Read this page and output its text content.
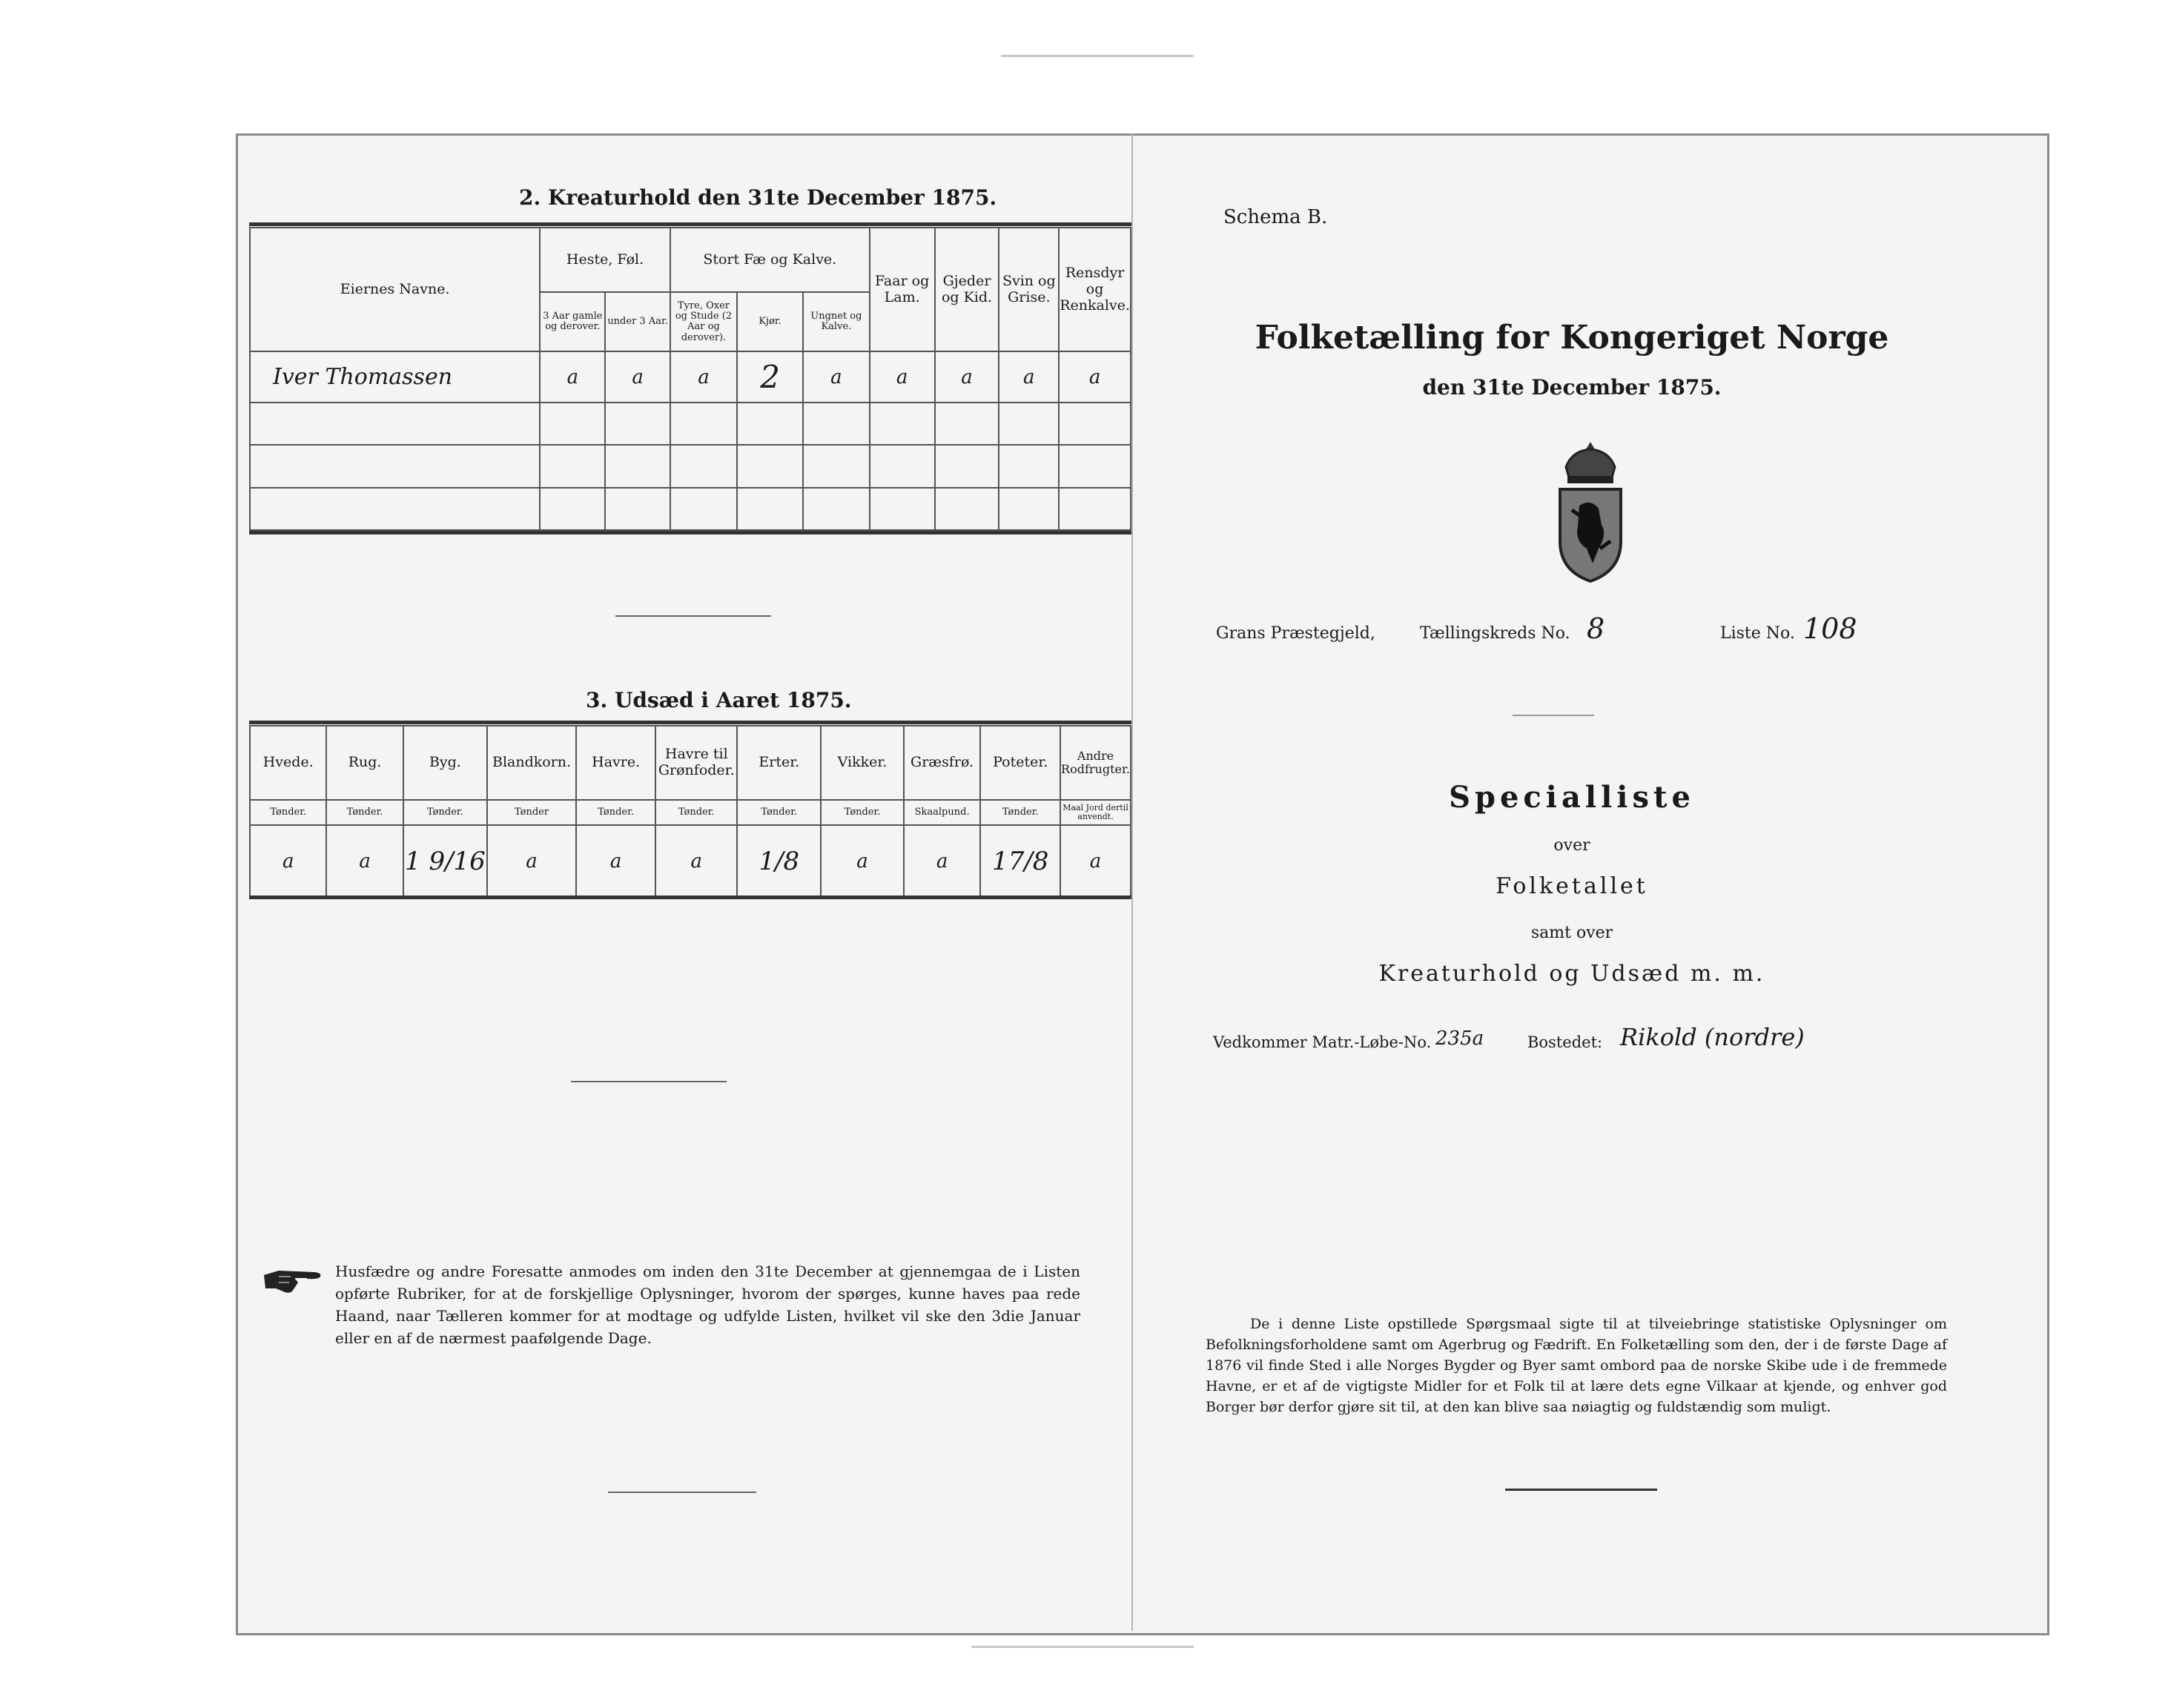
2. Kreaturhold den 31te December 1875.
Eiernes Navne.	Heste, Føl.		Stort Fæ og Kalve.			Faar og Lam.	Gjeder og Kid.	Svin og Grise.	Rensdyr og Renkalve.
	3 Aar gamle og derover.	under 3 Aar.	Tyre, Oxer og Stude (2 Aar og derover).	Kjør.	Ungnet og Kalve.				
Iver Thomassen	a	a	a	2	a	a	a	a	a

3. Udsæd i Aaret 1875.
Hvede.	Rug.	Byg.	Blandkorn.	Havre.	Havre til Grønfoder.	Erter.	Vikker.	Græsfrø.	Poteter.	Andre Rodfrugter.
Tønder.	Tønder.	Tønder.	Tønder	Tønder.	Tønder.	Tønder.	Tønder.	Skaalpund.	Tønder.	Maal Jord dertil anvendt.
a	a	1 9/16	a	a	a	1/8	a	a	17/8	a
Husfædre og andre Foresatte anmodes om inden den 31te December at gjennemgaa de i Listen opførte Rubriker, for at de forskjellige Oplysninger, hvorom der spørges, kunne haves paa rede Haand, naar Tælleren kommer for at modtage og udfylde Listen, hvilket vil ske den 3die Januar eller en af de nærmest paafølgende Dage.
Schema B.
Folketælling for Kongeriget Norge
den 31te December 1875.
Grans Præstegjeld,	Tællingskreds No. 8	Liste No. 108
Specialliste
over
Folketallet
samt over
Kreaturhold og Udsæd m. m.
Vedkommer Matr.-Løbe-No. 235a	Bostedet: Rikold (nordre)
De i denne Liste opstillede Spørgsmaal sigte til at tilveiebringe statistiske Oplysninger om Befolkningsforholdene samt om Agerbrug og Fædrift. En Folketælling som den, der i de første Dage af 1876 vil finde Sted i alle Norges Bygder og Byer samt ombord paa de norske Skibe ude i de fremmede Havne, er et af de vigtigste Midler for et Folk til at lære dets egne Vilkaar at kjende, og enhver god Borger bør derfor gjøre sit til, at den kan blive saa nøiagtig og fuldstændig som muligt.
